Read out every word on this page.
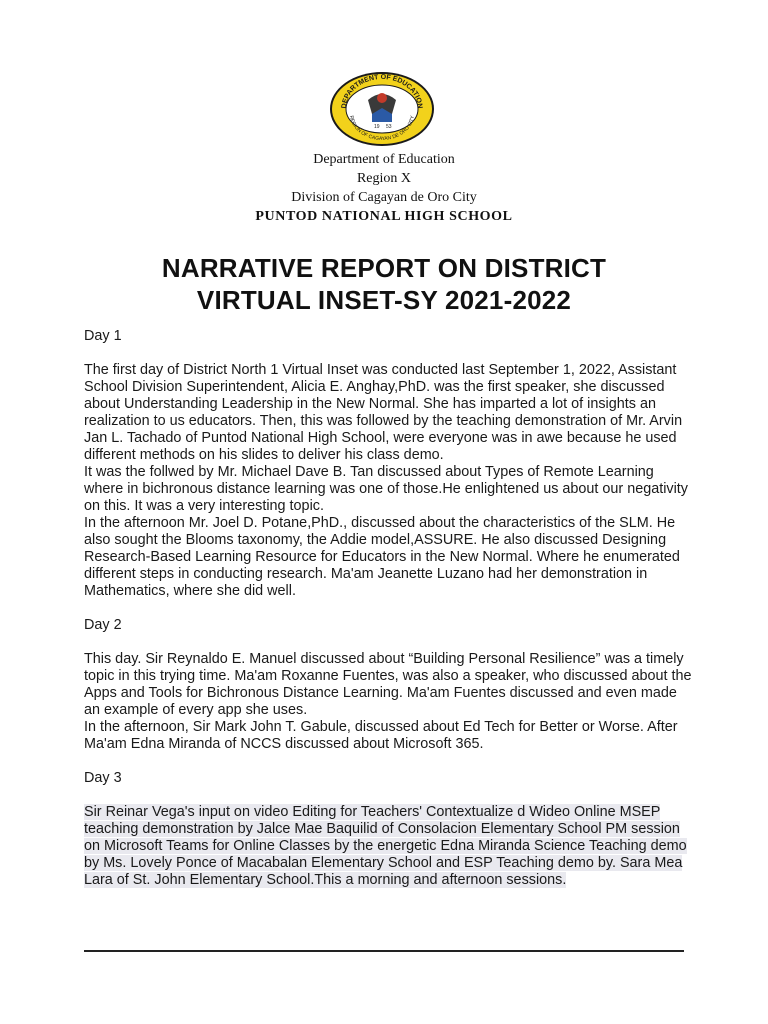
DEPARTMENT OF EDUCATION
REGION OF CAGAYAN DE ORO CITY
19 53
Department of Education
Region X
Division of Cagayan de Oro City
PUNTOD NATIONAL HIGH SCHOOL
NARRATIVE REPORT ON DISTRICT
VIRTUAL INSET-SY 2021-2022
Day 1

The first day of District North 1 Virtual Inset was conducted last September 1, 2022, Assistant School Division Superintendent, Alicia E. Anghay,PhD. was the first speaker, she discussed about Understanding Leadership in the New Normal. She has imparted a lot of insights an realization to us educators. Then, this was followed by the teaching demonstration of Mr. Arvin Jan L. Tachado of Puntod National High School, were everyone was in awe because he used different methods on his slides to deliver his class demo.

It was the follwed by Mr. Michael Dave B. Tan discussed about Types of Remote Learning where in bichronous distance learning was one of those.He enlightened us about our negativity on this. It was a very interesting topic.

In the afternoon Mr. Joel D. Potane,PhD., discussed about the characteristics of the SLM. He also sought the Blooms taxonomy, the Addie model,ASSURE. He also discussed Designing Research-Based Learning Resource for Educators in the New Normal. Where he enumerated different steps in conducting research. Ma'am Jeanette Luzano had her demonstration in Mathematics, where she did well.

Day 2

This day. Sir Reynaldo E. Manuel discussed about “Building Personal Resilience” was a timely topic in this trying time. Ma'am Roxanne Fuentes, was also a speaker, who discussed about the Apps and Tools for Bichronous Distance Learning. Ma'am Fuentes discussed and even made an example of every app she uses.

In the afternoon, Sir Mark John T. Gabule, discussed about Ed Tech for Better or Worse. After Ma'am Edna Miranda of NCCS discussed about Microsoft 365.

Day 3

Sir Reinar Vega's input on video Editing for Teachers' Contextualize d Wideo Online MSEP teaching demonstration by Jalce Mae Baquilid of Consolacion Elementary School PM session on Microsoft Teams for Online Classes by the energetic Edna Miranda Science Teaching demo by Ms. Lovely Ponce of Macabalan Elementary School and ESP Teaching demo by. Sara Mea Lara of St. John Elementary School.This a morning and afternoon sessions.
